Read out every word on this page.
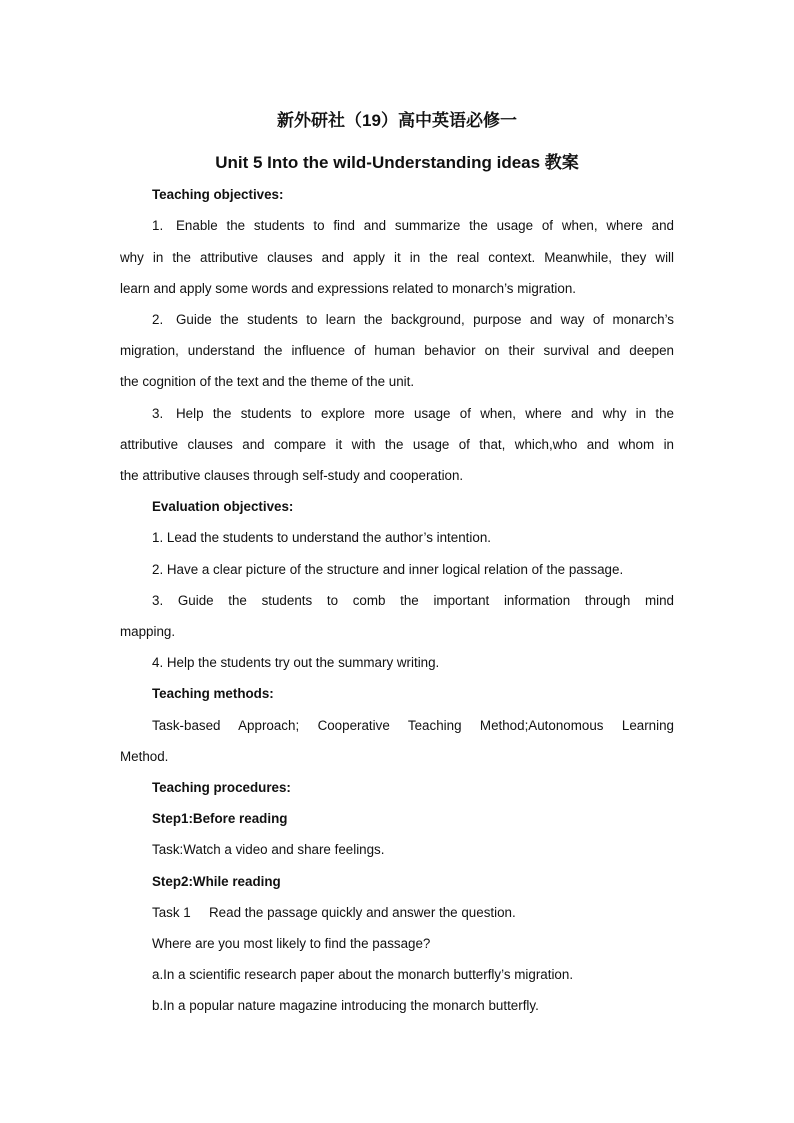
新外研社（19）高中英语必修一
Unit 5 Into the wild-Understanding ideas 教案
Teaching objectives:
1. Enable the students to find and summarize the usage of when, where and
why in the attributive clauses and apply it in the real context. Meanwhile, they will
learn and apply some words and expressions related to monarch’s migration.
2. Guide the students to learn the background, purpose and way of monarch’s
migration, understand the influence of human behavior on their survival and deepen
the cognition of the text and the theme of the unit.
3. Help the students to explore more usage of when, where and why in the
attributive clauses and compare it with the usage of that, which,who and whom in
the attributive clauses through self-study and cooperation.
Evaluation objectives:
1. Lead the students to understand the author’s intention.
2. Have a clear picture of the structure and inner logical relation of the passage.
3. Guide the students to comb the important information through mind
mapping.
4. Help the students try out the summary writing.
Teaching methods:
Task-based Approach; Cooperative Teaching Method;Autonomous Learning
Method.
Teaching procedures:
Step1:Before reading
Task:Watch a video and share feelings.
Step2:While reading
Task 1 Read the passage quickly and answer the question.
Where are you most likely to find the passage?
a.In a scientific research paper about the monarch butterfly’s migration.
b.In a popular nature magazine introducing the monarch butterfly.
